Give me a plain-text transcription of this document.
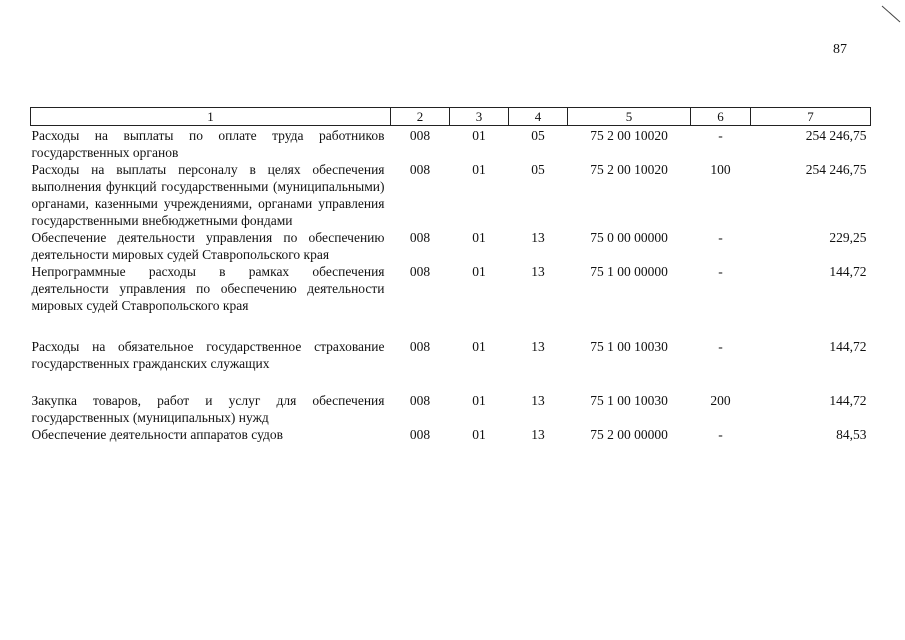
87
1	2	3	4	5	6	7
Расходы на выплаты по оплате труда работников государственных органов	008	01	05	75 2 00 10020	-	254 246,75
Расходы на выплаты персоналу в целях обеспечения выполнения функций государственными (муниципальными) органами, казенными учреждениями, органами управления государственными внебюджетными фондами	008	01	05	75 2 00 10020	100	254 246,75
Обеспечение деятельности управления по обеспечению деятельности мировых судей Ставропольского края	008	01	13	75 0 00 00000	-	229,25
Непрограммные расходы в рамках обеспечения деятельности управления по обеспечению деятельности мировых судей Ставропольского края	008	01	13	75 1 00 00000	-	144,72
Расходы на обязательное государственное страхование государственных гражданских служащих	008	01	13	75 1 00 10030	-	144,72
Закупка товаров, работ и услуг для обеспечения государственных (муниципальных) нужд	008	01	13	75 1 00 10030	200	144,72
Обеспечение деятельности аппаратов судов	008	01	13	75 2 00 00000	-	84,53
